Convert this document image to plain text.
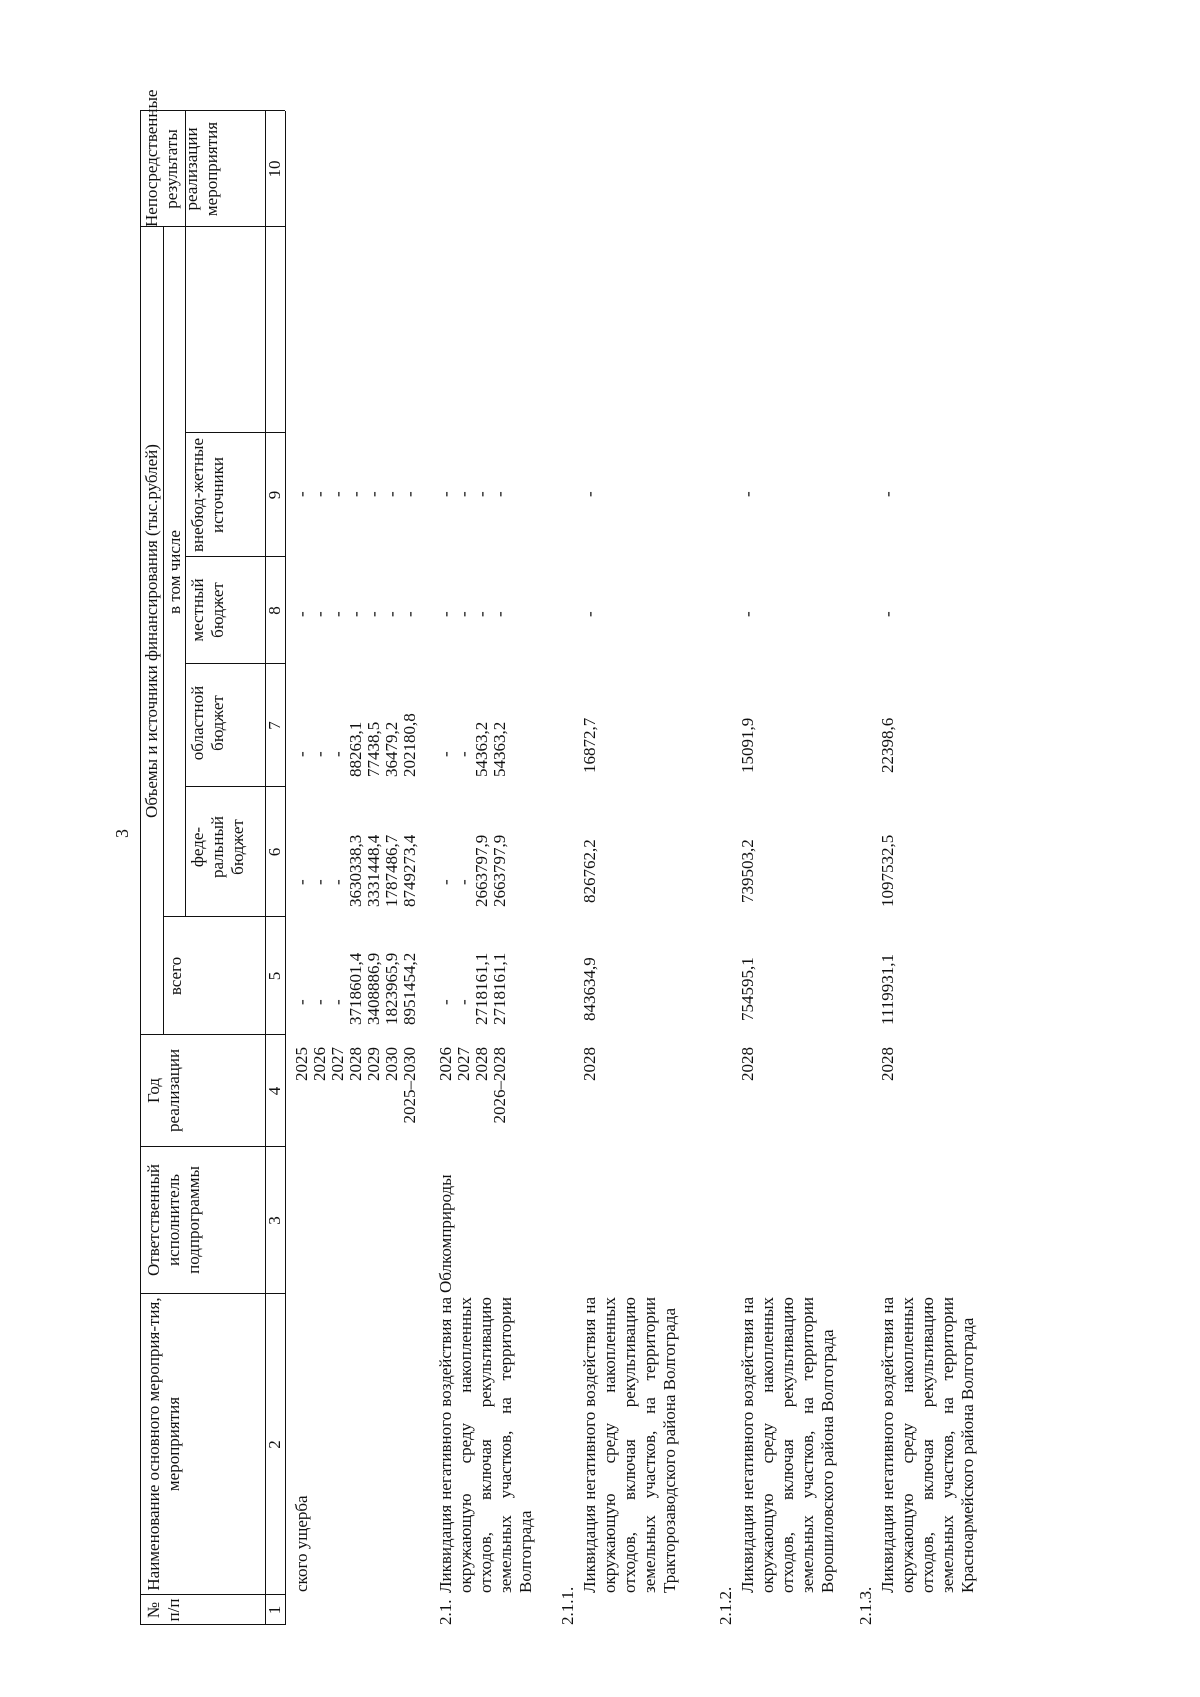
3
№ п/п
Наименование основного мероприя-тия, мероприятия
Ответственный исполнитель подпрограммы
Год реализации
Объемы и источники финансирования (тыс.рублей)
всего
в том числе
Непосредственные результаты реализации мероприятия
феде-ральный бюджет
областной бюджет
местный бюджет
внебюд-жетные источники
1
2
3
4
5
6
7
8
9
10
ского ущерба
2025 2026 2027 2028 2029 2030 2025–2030
- - - 3718601,4 3408886,9 1823965,9 8951454,2
- - - 3630338,3 3331448,4 1787486,7 8749273,4
- - - 88263,1 77438,5 36479,2 202180,8
- - - - - - -
- - - - - - -
2.1.
Ликвидация негативного воздействия на окружающую среду накопленных отходов, включая рекультивацию земельных участков, на территории Волгограда
Облкомприроды
2026 2027 2028 2026–2028
- - 2718161,1 2718161,1
- - 2663797,9 2663797,9
- - 54363,2 54363,2
- - - -
- - - -
2.1.1.
Ликвидация негативного воздействия на окружающую среду накопленных отходов, включая рекультивацию земельных участков, на территории Тракторозаводского района Волгограда
2028
843634,9
826762,2
16872,7
-
-
2.1.2.
Ликвидация негативного воздействия на окружающую среду накопленных отходов, включая рекультивацию земельных участков, на территории Ворошиловского района Волгограда
2028
754595,1
739503,2
15091,9
-
-
2.1.3.
Ликвидация негативного воздействия на окружающую среду накопленных отходов, включая рекультивацию земельных участков, на территории Красноармейского района Волгограда
2028
1119931,1
1097532,5
22398,6
-
-
